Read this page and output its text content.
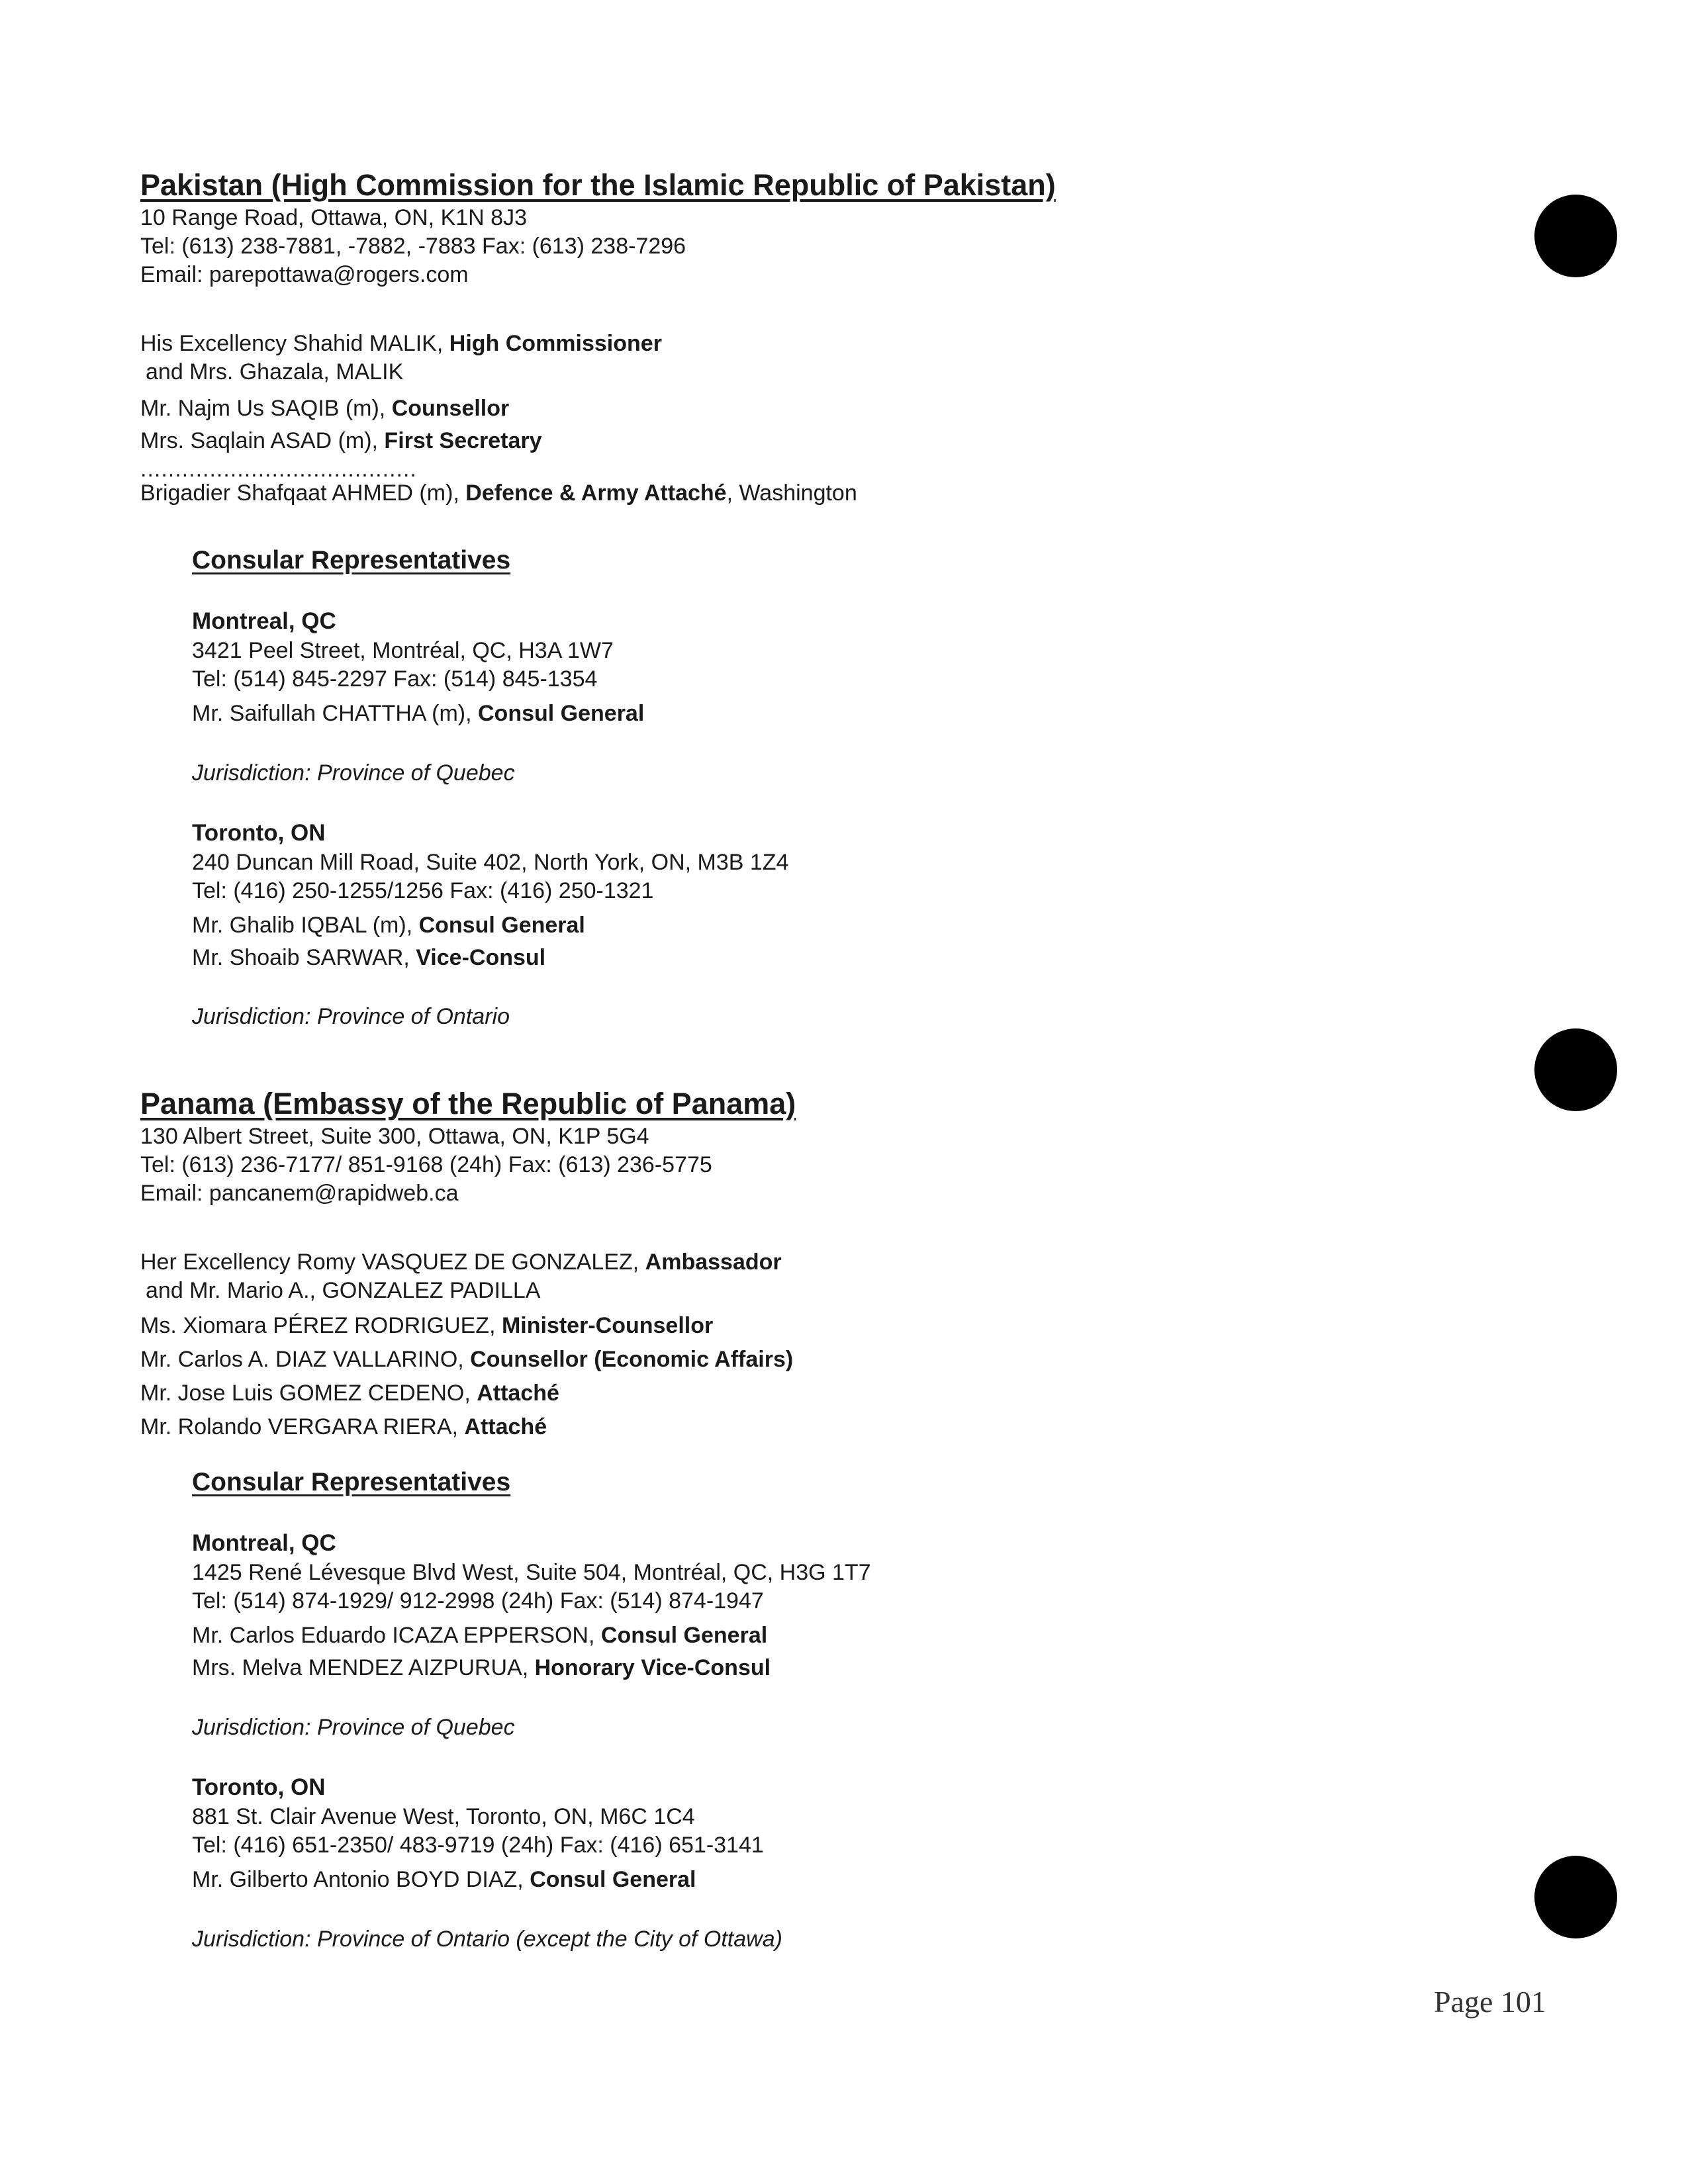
Pakistan (High Commission for the Islamic Republic of Pakistan)
10 Range Road, Ottawa, ON, K1N 8J3
Tel: (613) 238-7881, -7882, -7883 Fax: (613) 238-7296
Email: parepottawa@rogers.com
His Excellency Shahid MALIK, High Commissioner
and Mrs. Ghazala, MALIK
Mr. Najm Us SAQIB (m), Counsellor
Mrs. Saqlain ASAD (m), First Secretary
........................................
Brigadier Shafqaat AHMED (m), Defence & Army Attaché, Washington
Consular Representatives
Montreal, QC
3421 Peel Street, Montréal, QC, H3A 1W7
Tel: (514) 845-2297 Fax: (514) 845-1354
Mr. Saifullah CHATTHA (m), Consul General
Jurisdiction: Province of Quebec
Toronto, ON
240 Duncan Mill Road, Suite 402, North York, ON, M3B 1Z4
Tel: (416) 250-1255/1256 Fax: (416) 250-1321
Mr. Ghalib IQBAL (m), Consul General
Mr. Shoaib SARWAR, Vice-Consul
Jurisdiction: Province of Ontario
Panama (Embassy of the Republic of Panama)
130 Albert Street, Suite 300, Ottawa, ON, K1P 5G4
Tel: (613) 236-7177/ 851-9168 (24h) Fax: (613) 236-5775
Email: pancanem@rapidweb.ca
Her Excellency Romy VASQUEZ DE GONZALEZ, Ambassador
and Mr. Mario A., GONZALEZ PADILLA
Ms. Xiomara PÉREZ RODRIGUEZ, Minister-Counsellor
Mr. Carlos A. DIAZ VALLARINO, Counsellor (Economic Affairs)
Mr. Jose Luis GOMEZ CEDENO, Attaché
Mr. Rolando VERGARA RIERA, Attaché
Consular Representatives
Montreal, QC
1425 René Lévesque Blvd West, Suite 504, Montréal, QC, H3G 1T7
Tel: (514) 874-1929/ 912-2998 (24h) Fax: (514) 874-1947
Mr. Carlos Eduardo ICAZA EPPERSON, Consul General
Mrs. Melva MENDEZ AIZPURUA, Honorary Vice-Consul
Jurisdiction: Province of Quebec
Toronto, ON
881 St. Clair Avenue West, Toronto, ON, M6C 1C4
Tel: (416) 651-2350/ 483-9719 (24h) Fax: (416) 651-3141
Mr. Gilberto Antonio BOYD DIAZ, Consul General
Jurisdiction: Province of Ontario (except the City of Ottawa)
Page 101
